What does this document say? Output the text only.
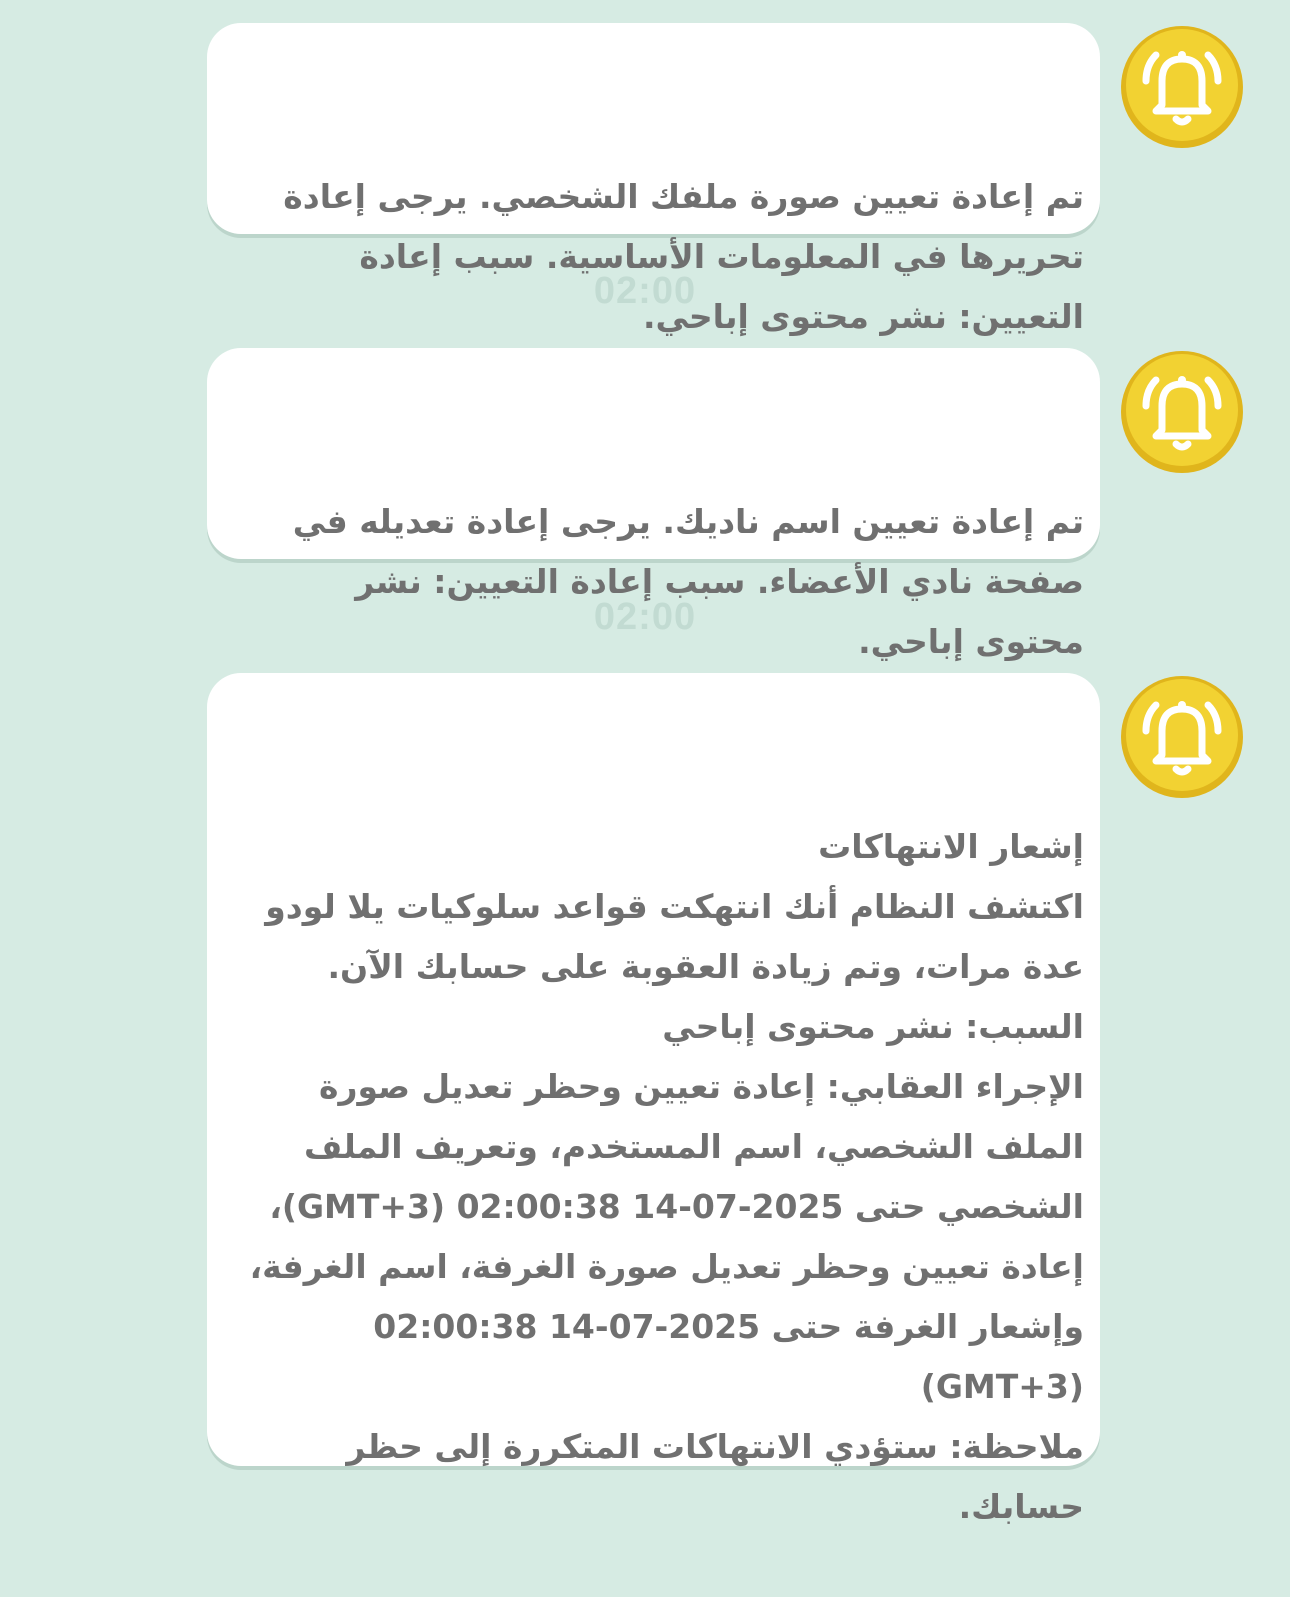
تم إعادة تعيين صورة ملفك الشخصي. يرجى إعادة تحريرها في المعلومات الأساسية. سبب إعادة التعيين: نشر محتوى إباحي.

02:00

تم إعادة تعيين اسم ناديك. يرجى إعادة تعديله في صفحة نادي الأعضاء. سبب إعادة التعيين: نشر محتوى إباحي.

02:00

إشعار الانتهاكات
اكتشف النظام أنك انتهكت قواعد سلوكيات يلا لودو عدة مرات، وتم زيادة العقوبة على حسابك الآن.
السبب: نشر محتوى إباحي
الإجراء العقابي: إعادة تعيين وحظر تعديل صورة الملف الشخصي، اسم المستخدم، وتعريف الملف الشخصي حتى 2025-07-14 02:00:38 (GMT+3)، إعادة تعيين وحظر تعديل صورة الغرفة، اسم الغرفة، وإشعار الغرفة حتى 2025-07-14 02:00:38 (GMT+3)
ملاحظة: ستؤدي الانتهاكات المتكررة إلى حظر حسابك.
